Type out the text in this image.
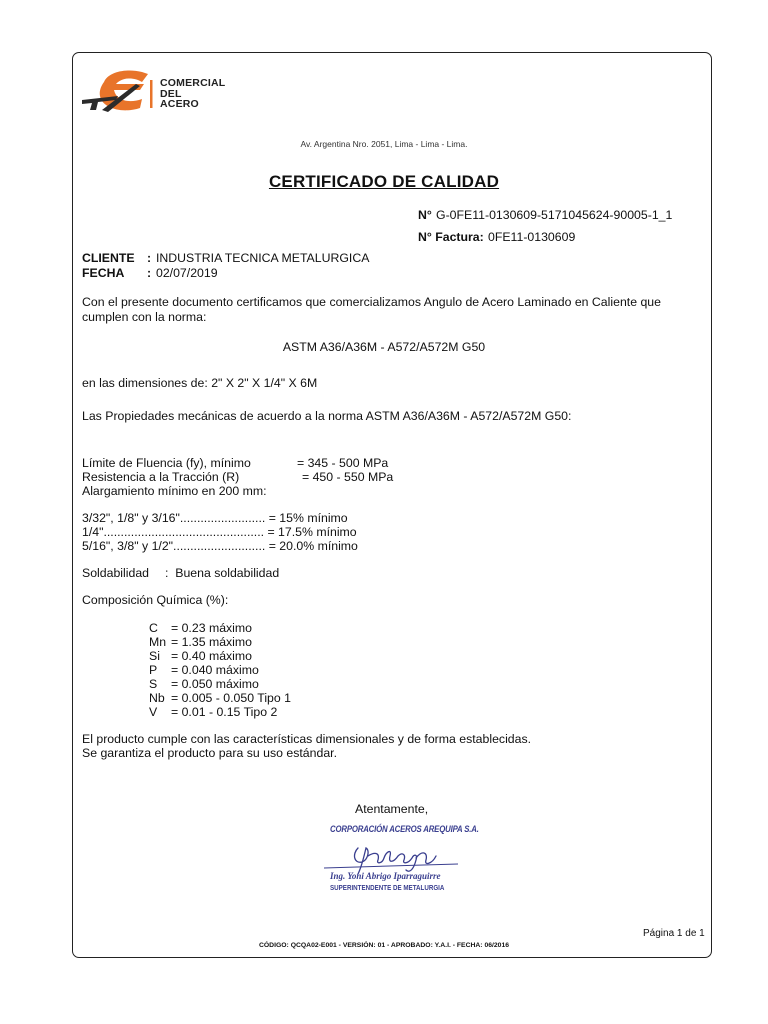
COMERCIAL
DEL
ACERO
Av. Argentina Nro. 2051, Lima - Lima - Lima.
CERTIFICADO DE CALIDAD
N° G-0FE11-0130609-5171045624-90005-1_1
N° Factura: 0FE11-0130609
CLIENTE : INDUSTRIA TECNICA METALURGICA
FECHA : 02/07/2019
Con el presente documento certificamos que comercializamos Angulo de Acero Laminado en Caliente que
cumplen con la norma:
ASTM A36/A36M - A572/A572M G50
en las dimensiones de: 2" X 2" X 1/4" X 6M
Las Propiedades mecánicas de acuerdo a la norma ASTM A36/A36M - A572/A572M G50:
Límite de Fluencia (fy), mínimo	= 345 - 500 MPa
Resistencia a la Tracción (R)	= 450 - 550 MPa
Alargamiento mínimo en 200 mm:
3/32", 1/8" y 3/16"......................... = 15% mínimo
1/4"............................................... = 17.5% mínimo
5/16", 3/8" y 1/2"........................... = 20.0% mínimo
Soldabilidad :  Buena soldabilidad
Composición Química (%):
C = 0.23 máximo
Mn = 1.35 máximo
Si = 0.40 máximo
P = 0.040 máximo
S = 0.050 máximo
Nb = 0.005 - 0.050 Tipo 1
V = 0.01 - 0.15 Tipo 2
El producto cumple con las características dimensionales y de forma establecidas.
Se garantiza el producto para su uso estándar.
Atentamente,
CORPORACIÓN ACEROS AREQUIPA S.A.
Ing. Yoni Abrigo Iparraguirre
SUPERINTENDENTE DE METALURGIA
Página 1 de 1
CÓDIGO: QCQA02-E001 - VERSIÓN: 01 - APROBADO: Y.A.I. - FECHA: 06/2016
